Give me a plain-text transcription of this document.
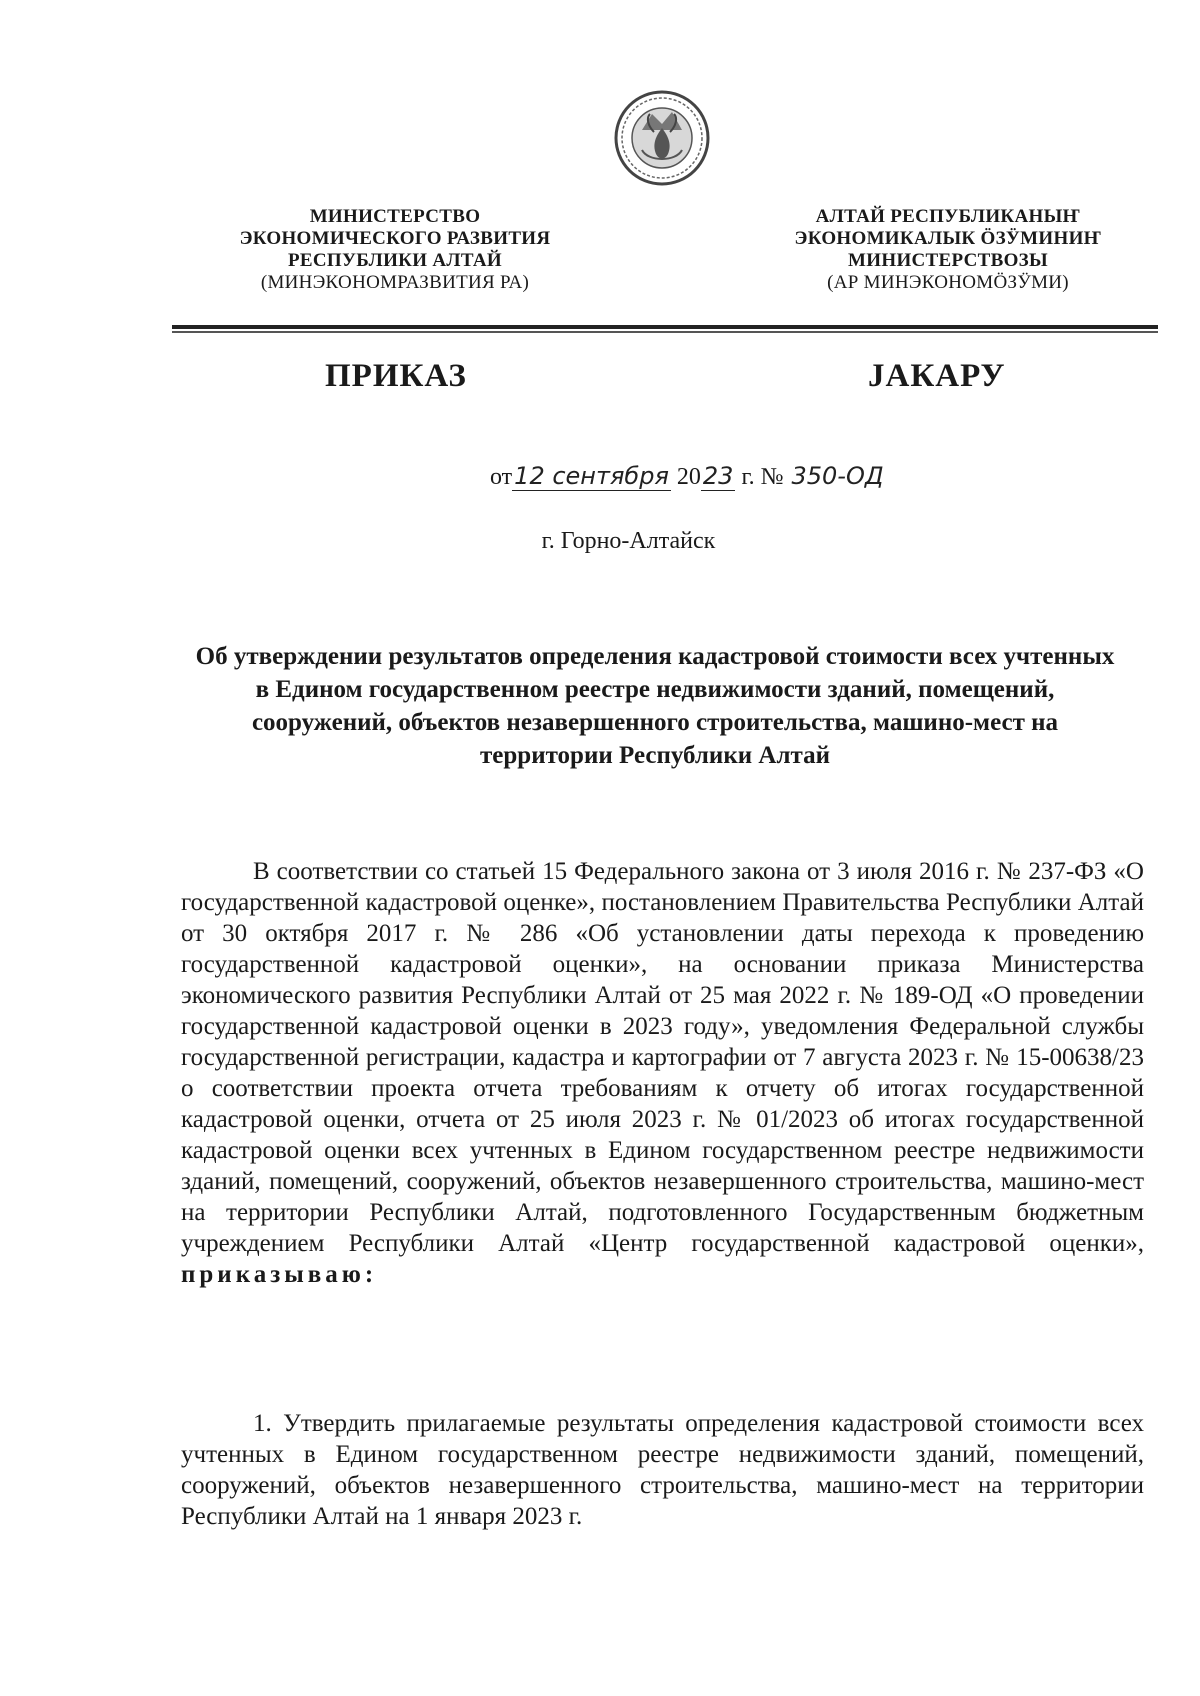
МИНИСТЕРСТВО
ЭКОНОМИЧЕСКОГО РАЗВИТИЯ
РЕСПУБЛИКИ АЛТАЙ
(МИНЭКОНОМРАЗВИТИЯ РА)
АЛТАЙ РЕСПУБЛИКАНЫҤ
ЭКОНОМИКАЛЫК ӦЗӰМИНИҤ
МИНИСТЕРСТВОЗЫ
(АР МИНЭКОНОМӦЗӰМИ)
ПРИКАЗ	ЈАКАРУ
от12 сентября 2023 г. № 350-ОД
г. Горно-Алтайск
Об утверждении результатов определения кадастровой стоимости всех учтенных в Едином государственном реестре недвижимости зданий, помещений, сооружений, объектов незавершенного строительства, машино-мест на территории Республики Алтай
В соответствии со статьей 15 Федерального закона от 3 июля 2016 г. № 237-ФЗ «О государственной кадастровой оценке», постановлением Правительства Республики Алтай от 30 октября 2017 г. № 286 «Об установлении даты перехода к проведению государственной кадастровой оценки», на основании приказа Министерства экономического развития Республики Алтай от 25 мая 2022 г. № 189-ОД «О проведении государственной кадастровой оценки в 2023 году», уведомления Федеральной службы государственной регистрации, кадастра и картографии от 7 августа 2023 г. № 15-00638/23 о соответствии проекта отчета требованиям к отчету об итогах государственной кадастровой оценки, отчета от 25 июля 2023 г. № 01/2023 об итогах государственной кадастровой оценки всех учтенных в Едином государственном реестре недвижимости зданий, помещений, сооружений, объектов незавершенного строительства, машино-мест на территории Республики Алтай, подготовленного Государственным бюджетным учреждением Республики Алтай «Центр государственной кадастровой оценки», приказываю:
1. Утвердить прилагаемые результаты определения кадастровой стоимости всех учтенных в Едином государственном реестре недвижимости зданий, помещений, сооружений, объектов незавершенного строительства, машино-мест на территории Республики Алтай на 1 января 2023 г.
